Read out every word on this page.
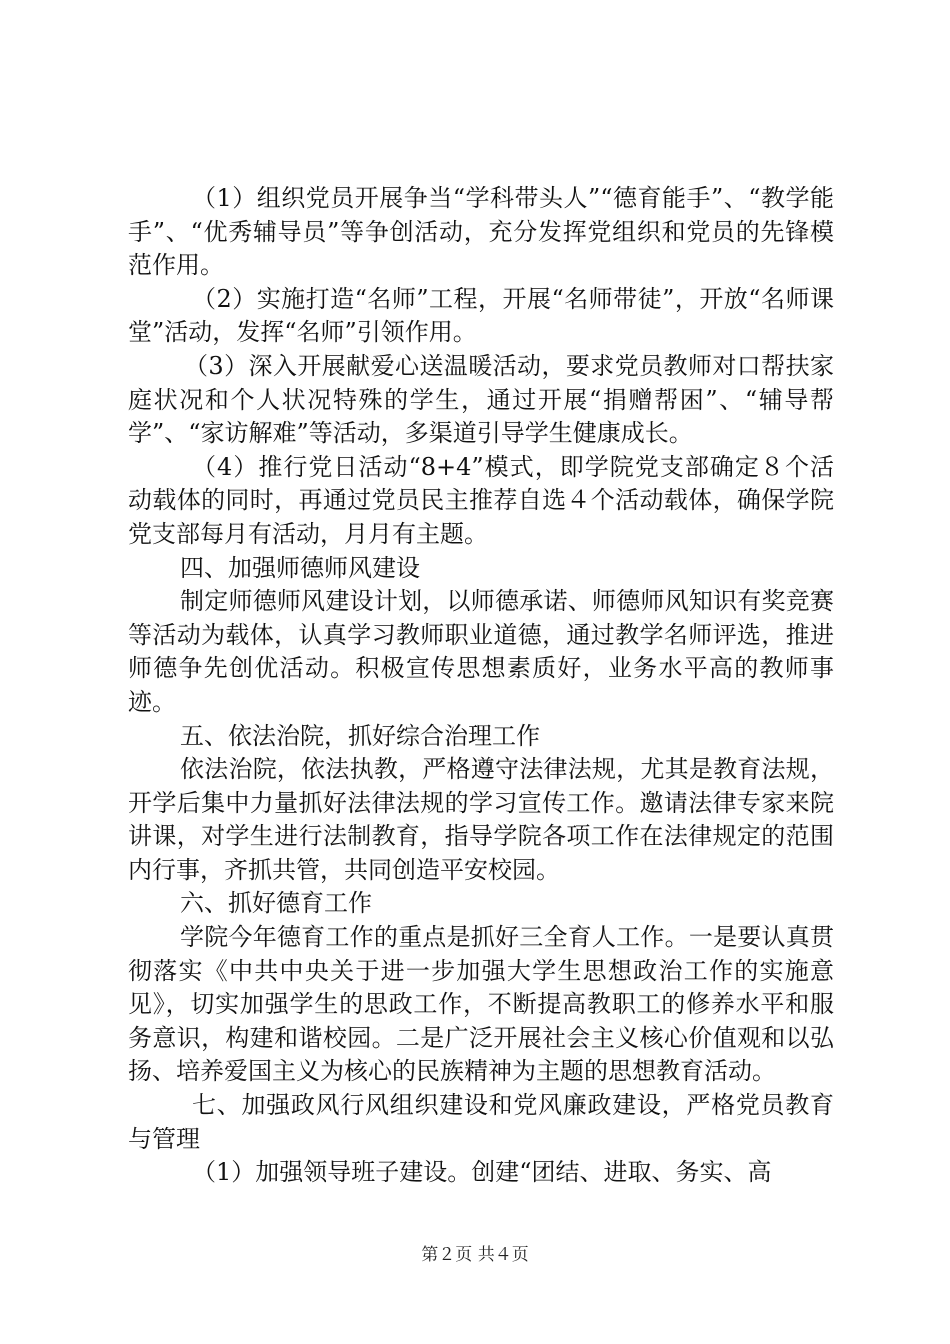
（1）组织党员开展争当“学科带头人”“德育能手”、“教学能手”、“优秀辅导员”等争创活动，充分发挥党组织和党员的先锋模范作用。

（2）实施打造“名师”工程，开展“名师带徒”，开放“名师课堂”活动，发挥“名师”引领作用。

（3）深入开展献爱心送温暖活动，要求党员教师对口帮扶家庭状况和个人状况特殊的学生，通过开展“捐赠帮困”、“辅导帮学”、“家访解难”等活动，多渠道引导学生健康成长。

（4）推行党日活动“8+4”模式，即学院党支部确定８个活动载体的同时，再通过党员民主推荐自选４个活动载体，确保学院党支部每月有活动，月月有主题。

四、加强师德师风建设

制定师德师风建设计划，以师德承诺、师德师风知识有奖竞赛等活动为载体，认真学习教师职业道德，通过教学名师评选，推进师德争先创优活动。积极宣传思想素质好，业务水平高的教师事迹。

五、依法治院，抓好综合治理工作

依法治院，依法执教，严格遵守法律法规，尤其是教育法规，开学后集中力量抓好法律法规的学习宣传工作。邀请法律专家来院讲课，对学生进行法制教育，指导学院各项工作在法律规定的范围内行事，齐抓共管，共同创造平安校园。

六、抓好德育工作

学院今年德育工作的重点是抓好三全育人工作。一是要认真贯彻落实《中共中央关于进一步加强大学生思想政治工作的实施意见》，切实加强学生的思政工作，不断提高教职工的修养水平和服务意识，构建和谐校园。二是广泛开展社会主义核心价值观和以弘扬、培养爱国主义为核心的民族精神为主题的思想教育活动。

七、加强政风行风组织建设和党风廉政建设，严格党员教育与管理

（1）加强领导班子建设。创建“团结、进取、务实、高

第２页 共４页
